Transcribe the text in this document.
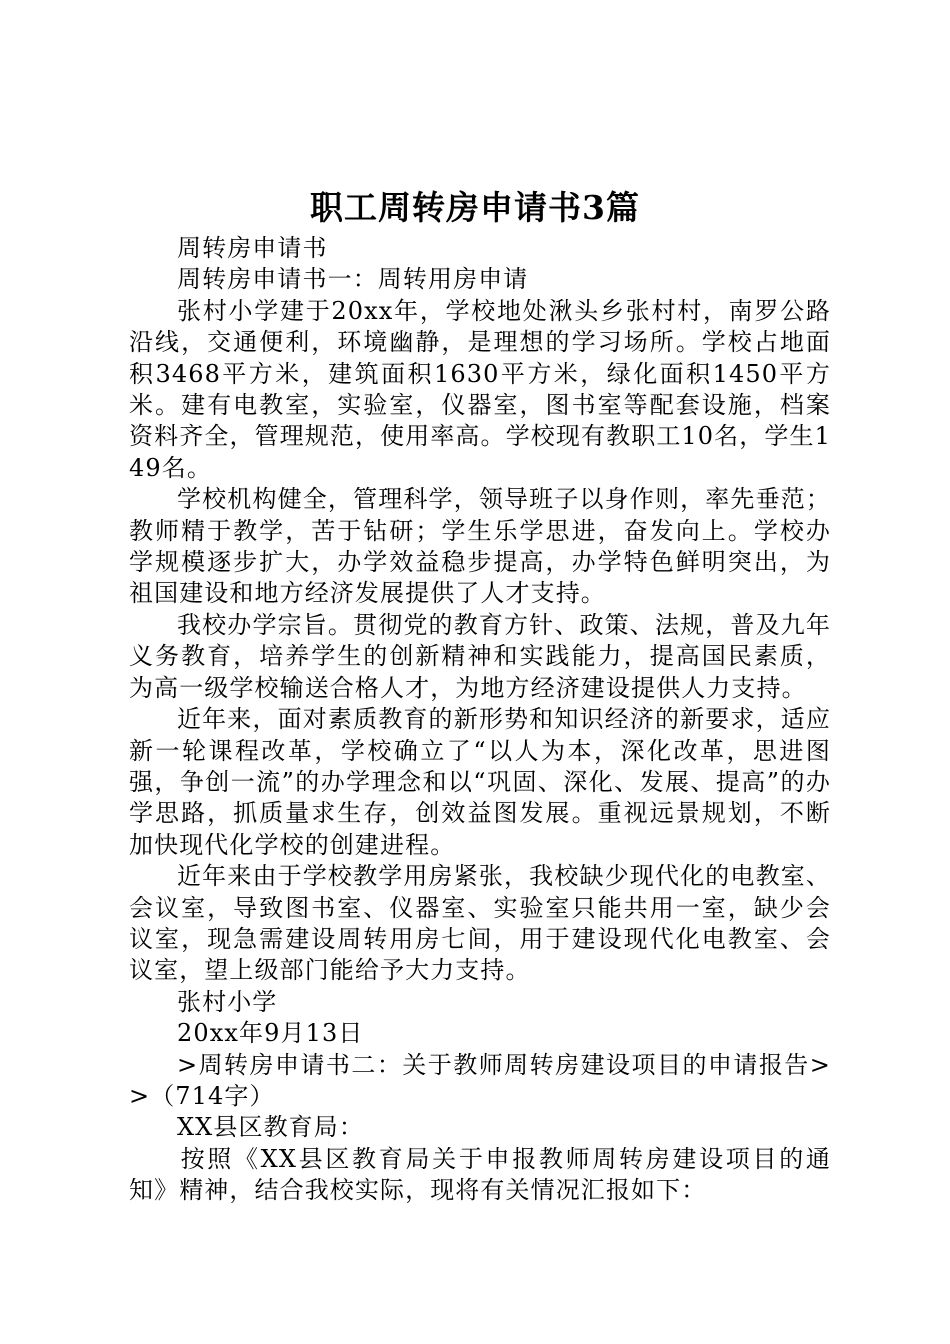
职工周转房申请书3篇

周转房申请书

周转房申请书一：周转用房申请

张村小学建于20xx年，学校地处湫头乡张村村，南罗公路沿线，交通便利，环境幽静，是理想的学习场所。学校占地面积3468平方米，建筑面积1630平方米，绿化面积1450平方米。建有电教室，实验室，仪器室，图书室等配套设施，档案资料齐全，管理规范，使用率高。学校现有教职工10名，学生149名。

学校机构健全，管理科学，领导班子以身作则，率先垂范；教师精于教学，苦于钻研；学生乐学思进，奋发向上。学校办学规模逐步扩大，办学效益稳步提高，办学特色鲜明突出，为祖国建设和地方经济发展提供了人才支持。

我校办学宗旨。贯彻党的教育方针、政策、法规，普及九年义务教育，培养学生的创新精神和实践能力，提高国民素质，为高一级学校输送合格人才，为地方经济建设提供人力支持。

近年来，面对素质教育的新形势和知识经济的新要求，适应新一轮课程改革，学校确立了“以人为本，深化改革，思进图强，争创一流”的办学理念和以“巩固、深化、发展、提高”的办学思路，抓质量求生存，创效益图发展。重视远景规划，不断加快现代化学校的创建进程。

近年来由于学校教学用房紧张，我校缺少现代化的电教室、会议室，导致图书室、仪器室、实验室只能共用一室，缺少会议室，现急需建设周转用房七间，用于建设现代化电教室、会议室，望上级部门能给予大力支持。

张村小学

20xx年9月13日

>周转房申请书二：关于教师周转房建设项目的申请报告>>（714字）

XX县区教育局：

按照《XX县区教育局关于申报教师周转房建设项目的通知》精神，结合我校实际，现将有关情况汇报如下：
